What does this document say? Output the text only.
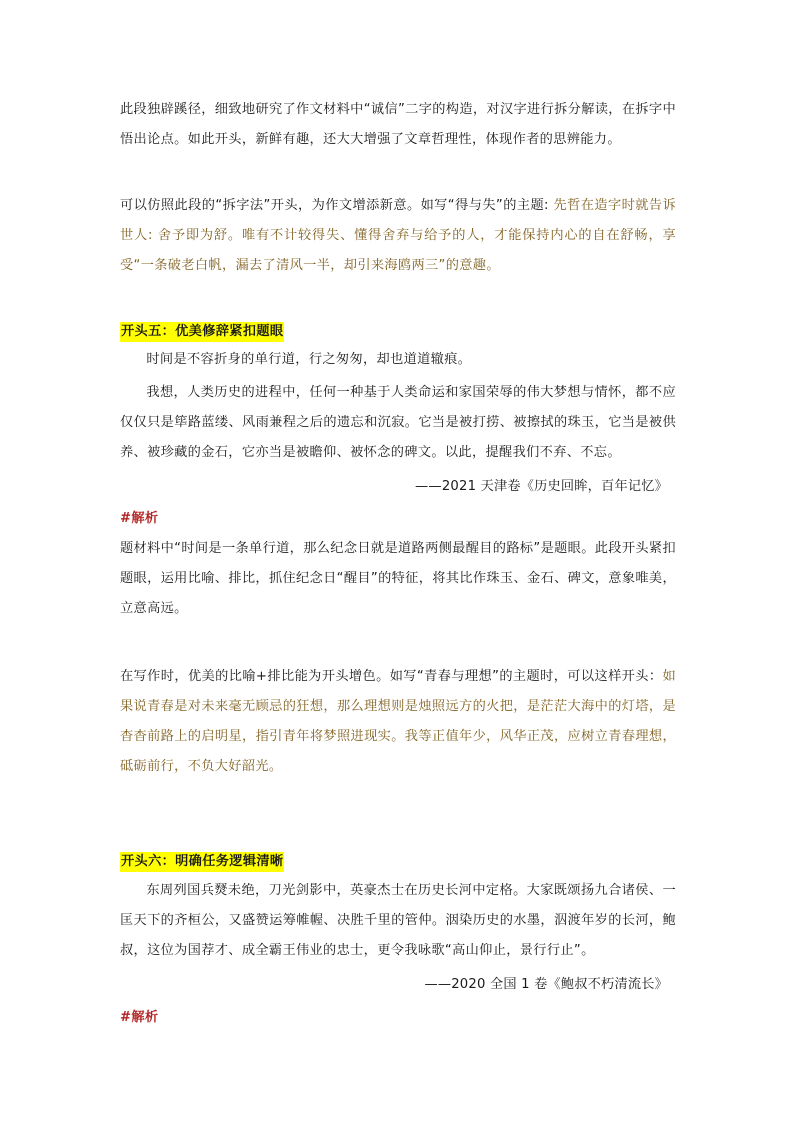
此段独辟蹊径，细致地研究了作文材料中“诚信”二字的构造，对汉字进行拆分解读，在拆字中悟出论点。如此开头，新鲜有趣，还大大增强了文章哲理性，体现作者的思辨能力。

可以仿照此段的“拆字法”开头，为作文增添新意。如写“得与失”的主题: 先哲在造字时就告诉世人: 舍予即为舒。唯有不计较得失、懂得舍弃与给予的人，才能保持内心的自在舒畅，享受“一条破老白帆，漏去了清风一半，却引来海鸥两三”的意趣。

开头五：优美修辞紧扣题眼

时间是不容折身的单行道，行之匆匆，却也道道辙痕。

我想，人类历史的进程中，任何一种基于人类命运和家国荣辱的伟大梦想与情怀，都不应仅仅只是筚路蓝缕、风雨兼程之后的遗忘和沉寂。它当是被打捞、被擦拭的珠玉，它当是被供养、被珍藏的金石，它亦当是被瞻仰、被怀念的碑文。以此，提醒我们不弃、不忘。

——2021 天津卷《历史回眸，百年记忆》

#解析

题材料中“时间是一条单行道，那么纪念日就是道路两侧最醒目的路标”是题眼。此段开头紧扣题眼，运用比喻、排比，抓住纪念日“醒目”的特征，将其比作珠玉、金石、碑文，意象唯美，立意高远。

在写作时，优美的比喻+排比能为开头增色。如写“青春与理想”的主题时，可以这样开头：如果说青春是对未来毫无顾忌的狂想，那么理想则是烛照远方的火把，是茫茫大海中的灯塔，是杳杳前路上的启明星，指引青年将梦照进现实。我等正值年少，风华正茂，应树立青春理想，砥砺前行，不负大好韶光。

开头六：明确任务逻辑清晰

东周列国兵燹未绝，刀光剑影中，英豪杰士在历史长河中定格。大家既颂扬九合诸侯、一匡天下的齐桓公，又盛赞运筹帷幄、决胜千里的管仲。洇染历史的水墨，泅渡年岁的长河，鲍叔，这位为国荐才、成全霸王伟业的忠士，更令我咏歌“高山仰止，景行行止”。

——2020 全国 1 卷《鲍叔不朽清流长》

#解析
